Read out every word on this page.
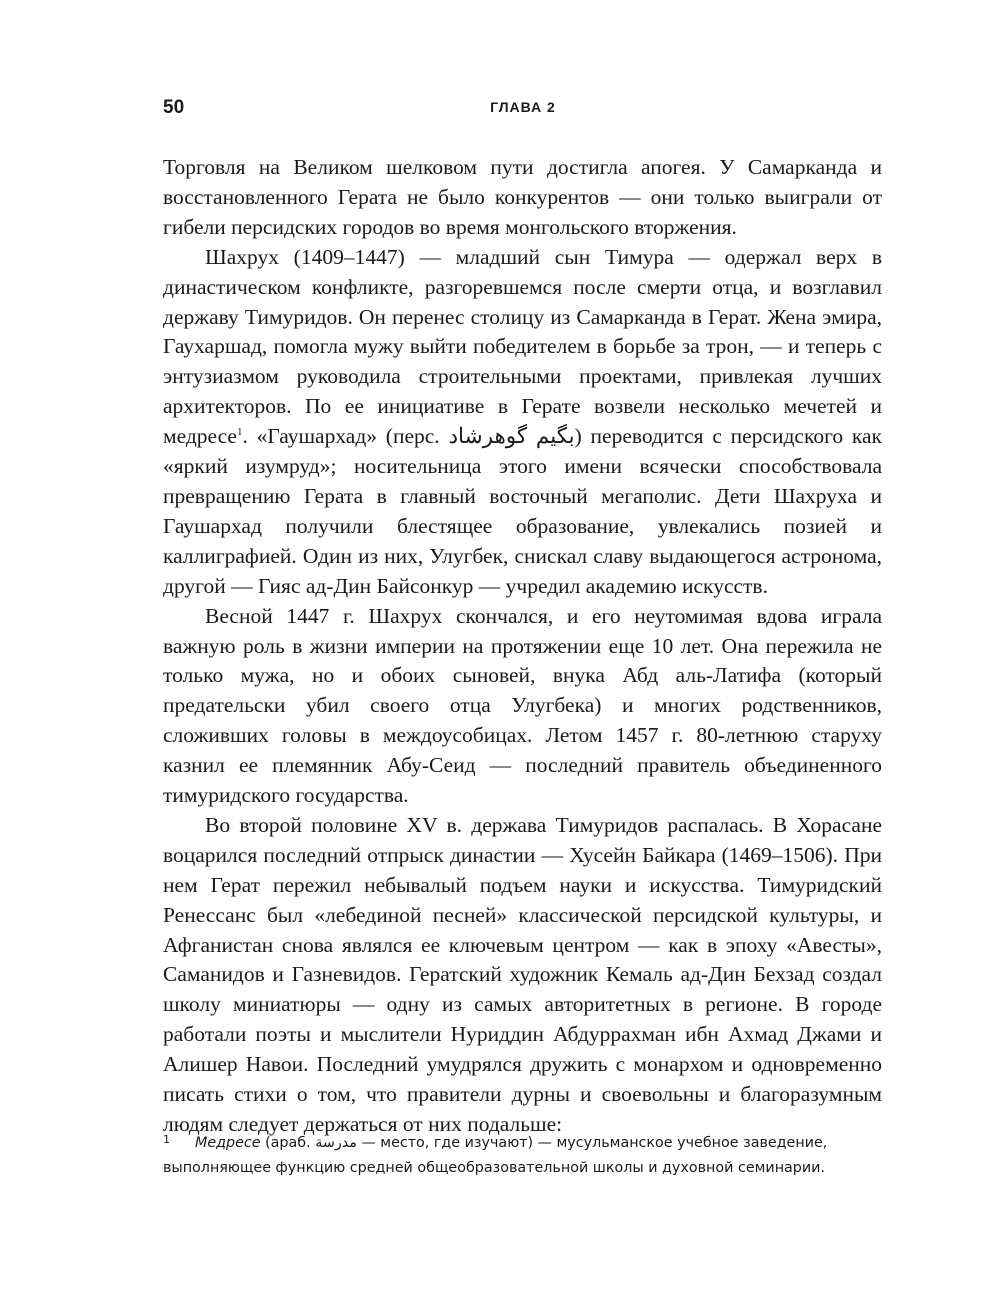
50	ГЛАВА 2

Торговля на Великом шелковом пути достигла апогея. У Самарканда и восстановленного Герата не было конкурентов — они только выиграли от гибели персидских городов во время монгольского вторжения.

Шахрух (1409–1447) — младший сын Тимура — одержал верх в династическом конфликте, разгоревшемся после смерти отца, и возглавил державу Тимуридов. Он перенес столицу из Самарканда в Герат. Жена эмира, Гаухаршад, помогла мужу выйти победителем в борьбе за трон, — и теперь с энтузиазмом руководила строительными проектами, привлекая лучших архитекторов. По ее инициативе в Герате возвели несколько мечетей и медресе$^1$. «Гаушархад» (перс. بگیم گوهرشاد) переводится с персидского как «яркий изумруд»; носительница этого имени всячески способствовала превращению Герата в главный восточный мегаполис. Дети Шахруха и Гаушархад получили блестящее образование, увлекались позией и каллиграфией. Один из них, Улугбек, снискал славу выдающегося астронома, другой — Гияс ад-Дин Байсонкур — учредил академию искусств.

Весной 1447 г. Шахрух скончался, и его неутомимая вдова играла важную роль в жизни империи на протяжении еще 10 лет. Она пережила не только мужа, но и обоих сыновей, внука Абд аль-Латифа (который предательски убил своего отца Улугбека) и многих родственников, сложивших головы в междоусобицах. Летом 1457 г. 80-летнюю старуху казнил ее племянник Абу-Сеид — последний правитель объединенного тимуридского государства.

Во второй половине XV в. держава Тимуридов распалась. В Хорасане воцарился последний отпрыск династии — Хусейн Байкара (1469–1506). При нем Герат пережил небывалый подъем науки и искусства. Тимуридский Ренессанс был «лебединой песней» классической персидской культуры, и Афганистан снова являлся ее ключевым центром — как в эпоху «Авесты», Саманидов и Газневидов. Гератский художник Кемаль ад-Дин Бехзад создал школу миниатюры — одну из самых авторитетных в регионе. В городе работали поэты и мыслители Нуриддин Абдуррахман ибн Ахмад Джами и Алишер Навои. Последний умудрялся дружить с монархом и одновременно писать стихи о том, что правители дурны и своевольны и благоразумным людям следует держаться от них подальше:

1 Медресе (араб. مدرسة — место, где изучают) — мусульманское учебное заведение,
выполняющее функцию средней общеобразовательной школы и духовной семинарии.
